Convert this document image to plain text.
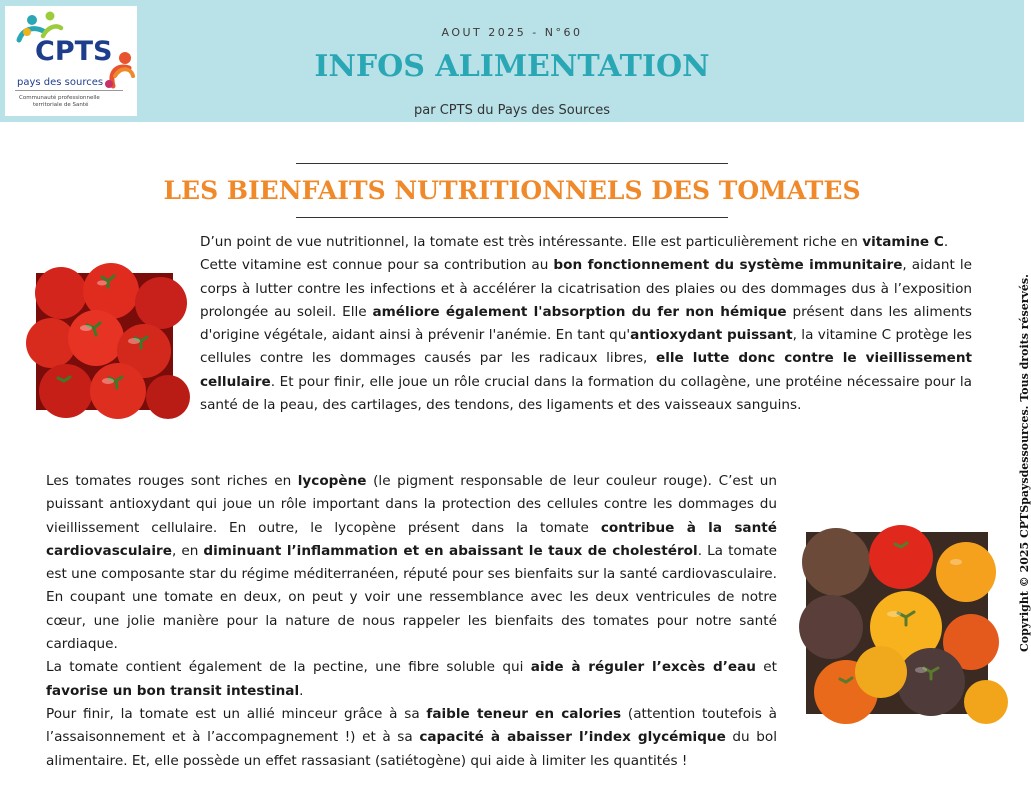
CPTS
pays des sources
Communauté professionnelle
territoriale de Santé
AOUT 2025 - N°60
INFOS ALIMENTATION
par CPTS du Pays des Sources
LES BIENFAITS NUTRITIONNELS DES TOMATES
D’un point de vue nutritionnel, la tomate est très intéressante. Elle est particulièrement riche en vitamine C.
Cette vitamine est connue pour sa contribution au bon fonctionnement du système immunitaire, aidant le corps à lutter contre les infections et à accélérer la cicatrisation des plaies ou des dommages dus à l’exposition prolongée au soleil. Elle améliore également l'absorption du fer non hémique présent dans les aliments d'origine végétale, aidant ainsi à prévenir l'anémie. En tant qu'antioxydant puissant, la vitamine C protège les cellules contre les dommages causés par les radicaux libres, elle lutte donc contre le vieillissement cellulaire. Et pour finir, elle joue un rôle crucial dans la formation du collagène, une protéine nécessaire pour la santé de la peau, des cartilages, des tendons, des ligaments et des vaisseaux sanguins.
Les tomates rouges sont riches en lycopène (le pigment responsable de leur couleur rouge). C’est un puissant antioxydant qui joue un rôle important dans la protection des cellules contre les dommages du vieillissement cellulaire. En outre, le lycopène présent dans la tomate contribue à la santé cardiovasculaire, en diminuant l’inflammation et en abaissant le taux de cholestérol. La tomate est une composante star du régime méditerranéen, réputé pour ses bienfaits sur la santé cardiovasculaire. En coupant une tomate en deux, on peut y voir une ressemblance avec les deux ventricules de notre cœur, une jolie manière pour la nature de nous rappeler les bienfaits des tomates pour notre santé cardiaque.
La tomate contient également de la pectine, une fibre soluble qui aide à réguler l’excès d’eau et favorise un bon transit intestinal.
Pour finir, la tomate est un allié minceur grâce à sa faible teneur en calories (attention toutefois à l’assaisonnement et à l’accompagnement !) et à sa capacité à abaisser l’index glycémique du bol alimentaire. Et, elle possède un effet rassasiant (satiétogène) qui aide à limiter les quantités !
Copyright © 2025 CPTSpaysdessources. Tous droits réservés.
